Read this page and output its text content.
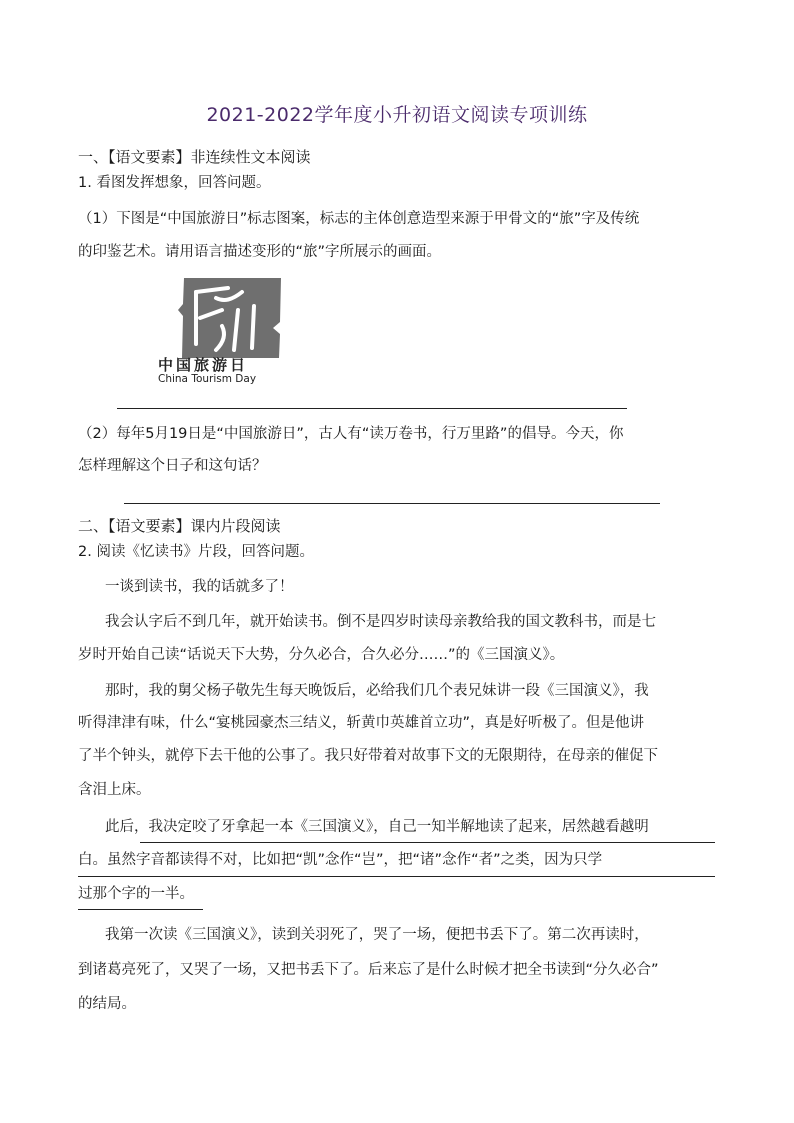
2021-2022学年度小升初语文阅读专项训练
一、【语文要素】非连续性文本阅读
1. 看图发挥想象，回答问题。
（1）下图是“中国旅游日”标志图案，标志的主体创意造型来源于甲骨文的“旅”字及传统
的印鉴艺术。请用语言描述变形的“旅”字所展示的画面。
中国旅游日
China Tourism Day
（2）每年5月19日是“中国旅游日”，古人有“读万卷书，行万里路”的倡导。今天，你
怎样理解这个日子和这句话？
二、【语文要素】课内片段阅读
2. 阅读《忆读书》片段，回答问题。
一谈到读书，我的话就多了！
我会认字后不到几年，就开始读书。倒不是四岁时读母亲教给我的国文教科书，而是七
岁时开始自己读“话说天下大势，分久必合，合久必分……”的《三国演义》。
那时，我的舅父杨子敬先生每天晚饭后，必给我们几个表兄妹讲一段《三国演义》，我
听得津津有味，什么“宴桃园豪杰三结义，斩黄巾英雄首立功”，真是好听极了。但是他讲
了半个钟头，就停下去干他的公事了。我只好带着对故事下文的无限期待，在母亲的催促下
含泪上床。
此后，我决定咬了牙拿起一本《三国演义》，自己一知半解地读了起来，居然越看越明
白。虽然字音都读得不对，比如把“凯”念作“岂”，把“诸”念作“者”之类，因为只学
过那个字的一半。
我第一次读《三国演义》，读到关羽死了，哭了一场，便把书丢下了。第二次再读时，
到诸葛亮死了，又哭了一场，又把书丢下了。后来忘了是什么时候才把全书读到“分久必合”
的结局。
